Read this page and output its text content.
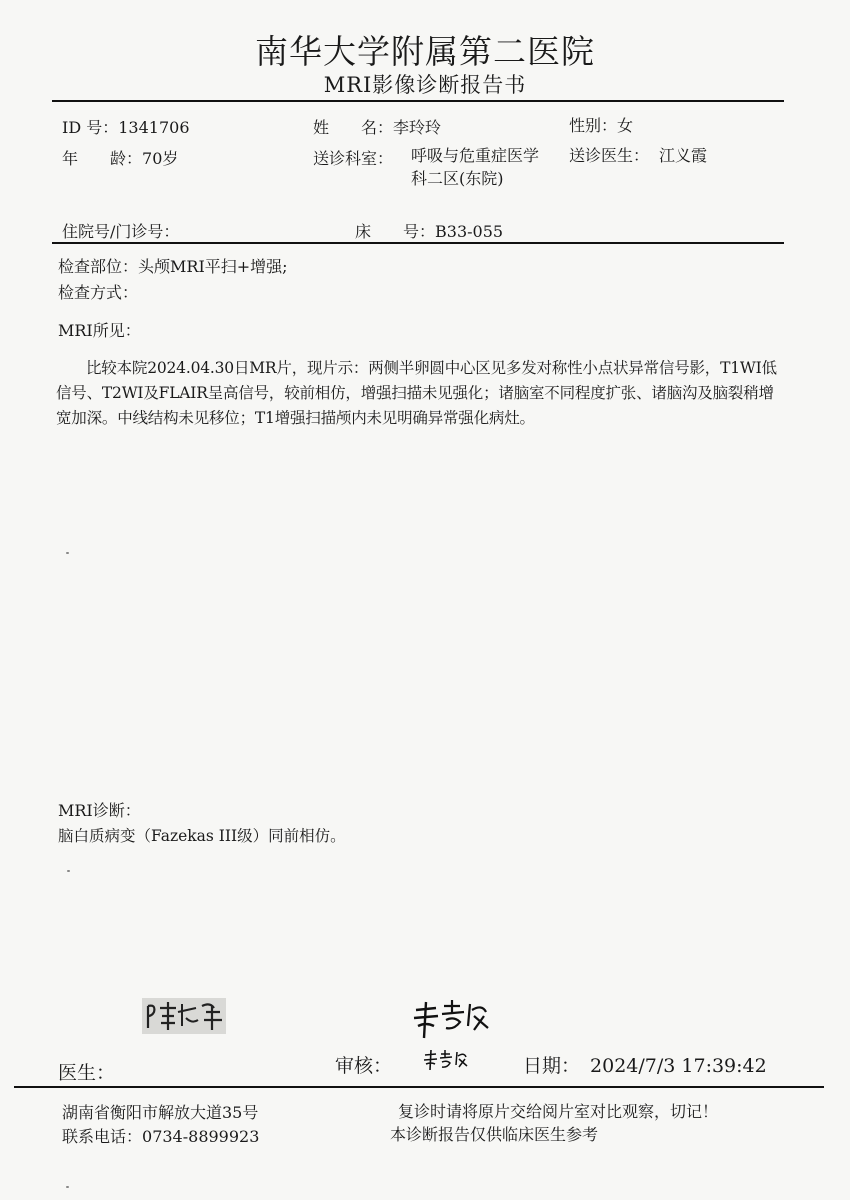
南华大学附属第二医院
MRI影像诊断报告书
ID 号：1341706	姓　　名：李玲玲	性别：女
年　　龄：70岁	送诊科室： 呼吸与危重症医学科二区(东院)
送诊医生： 江义霞
住院号/门诊号：	床　　号：B33-055
检查部位：头颅MRI平扫+增强;
检查方式：
MRI所见：
比较本院2024.04.30日MR片，现片示：两侧半卵圆中心区见多发对称性小点状异常信号影，T1WI低信号、T2WI及FLAIR呈高信号，较前相仿，增强扫描未见强化；诸脑室不同程度扩张、诸脑沟及脑裂稍增宽加深。中线结构未见移位；T1增强扫描颅内未见明确异常强化病灶。
MRI诊断：
脑白质病变（Fazekas III级）同前相仿。
医生：	审核：	日期： 2024/7/3 17:39:42
湖南省衡阳市解放大道35号
联系电话：0734-8899923
复诊时请将原片交给阅片室对比观察，切记！
本诊断报告仅供临床医生参考
